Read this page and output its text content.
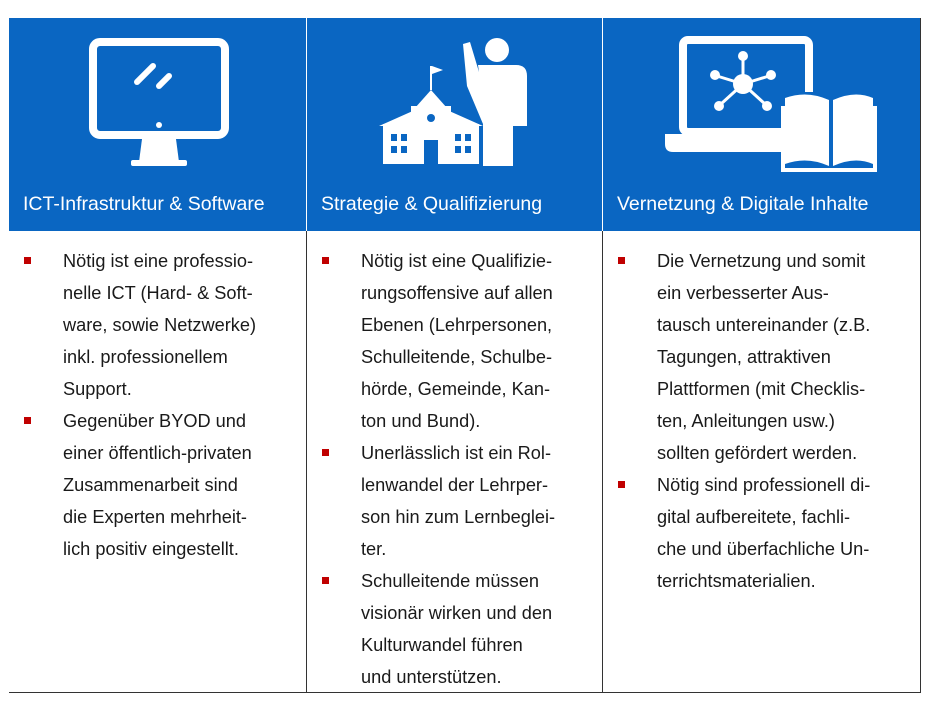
ICT-Infrastruktur & Software
Nötig ist eine professio-
nelle ICT (Hard- & Soft-
ware, sowie Netzwerke)
inkl. professionellem
Support.
Gegenüber BYOD und
einer öffentlich-privaten
Zusammenarbeit sind
die Experten mehrheit-
lich positiv eingestellt.
Strategie & Qualifizierung
Nötig ist eine Qualifizie-
rungsoffensive auf allen
Ebenen (Lehrpersonen,
Schulleitende, Schulbe-
hörde, Gemeinde, Kan-
ton und Bund).
Unerlässlich ist ein Rol-
lenwandel der Lehrper-
son hin zum Lernbeglei-
ter.
Schulleitende müssen
visionär wirken und den
Kulturwandel führen
und unterstützen.
Vernetzung & Digitale Inhalte
Die Vernetzung und somit
ein verbesserter Aus-
tausch untereinander (z.B.
Tagungen, attraktiven
Plattformen (mit Checklis-
ten, Anleitungen usw.)
sollten gefördert werden.
Nötig sind professionell di-
gital aufbereitete, fachli-
che und überfachliche Un-
terrichtsmaterialien.
